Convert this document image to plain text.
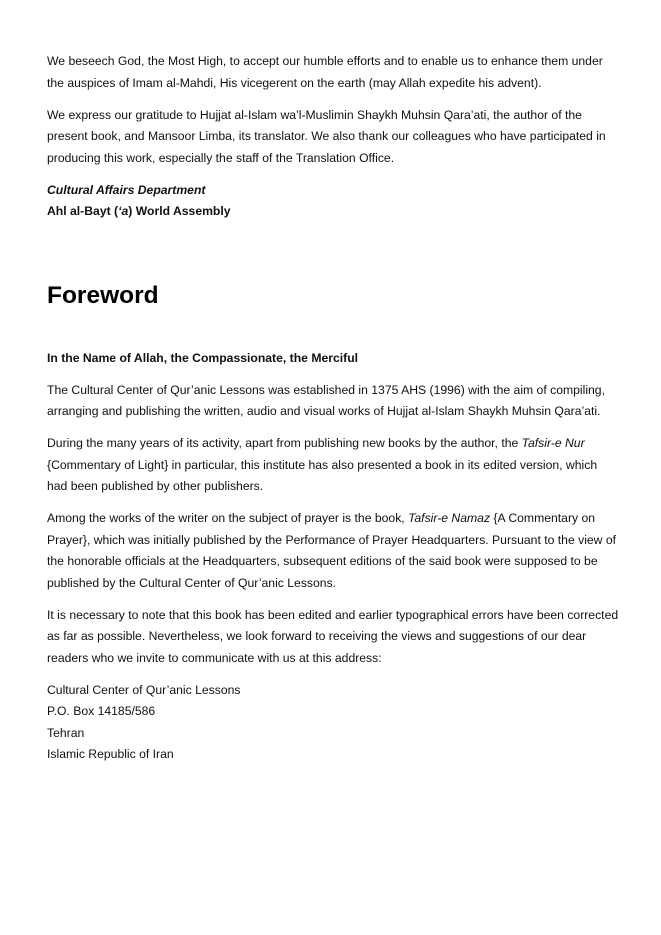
We beseech God, the Most High, to accept our humble efforts and to enable us to enhance them under the auspices of Imam al-Mahdi, His vicegerent on the earth (may Allah expedite his advent).

We express our gratitude to Hujjat al-Islam wa’l-Muslimin Shaykh Muhsin Qara’ati, the author of the present book, and Mansoor Limba, its translator. We also thank our colleagues who have participated in producing this work, especially the staff of the Translation Office.

Cultural Affairs Department

Ahl al-Bayt (‘a) World Assembly

Foreword

In the Name of Allah, the Compassionate, the Merciful

The Cultural Center of Qur’anic Lessons was established in 1375 AHS (1996) with the aim of compiling, arranging and publishing the written, audio and visual works of Hujjat al-Islam Shaykh Muhsin Qara’ati.

During the many years of its activity, apart from publishing new books by the author, the Tafsir-e Nur {Commentary of Light} in particular, this institute has also presented a book in its edited version, which had been published by other publishers.

Among the works of the writer on the subject of prayer is the book, Tafsir-e Namaz {A Commentary on Prayer}, which was initially published by the Performance of Prayer Headquarters. Pursuant to the view of the honorable officials at the Headquarters, subsequent editions of the said book were supposed to be published by the Cultural Center of Qur’anic Lessons.

It is necessary to note that this book has been edited and earlier typographical errors have been corrected as far as possible. Nevertheless, we look forward to receiving the views and suggestions of our dear readers who we invite to communicate with us at this address:

Cultural Center of Qur’anic Lessons

P.O. Box 14185/586

Tehran

Islamic Republic of Iran
